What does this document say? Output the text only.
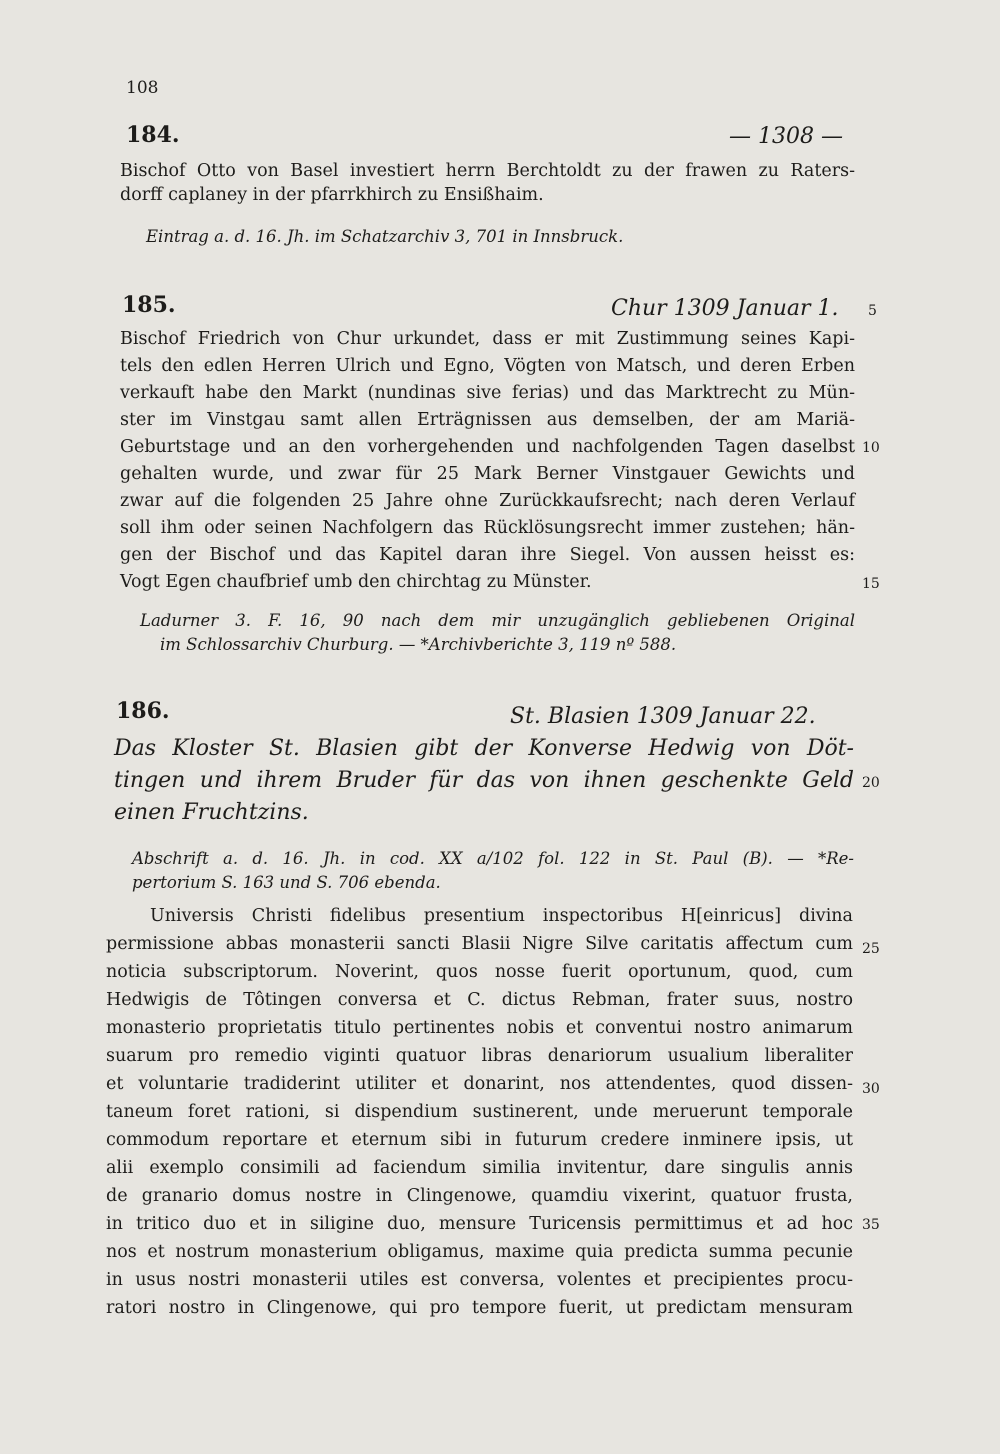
108
184.	— 1308 —
Bischof Otto von Basel investiert herrn Berchtoldt zu der frawen zu Raters-
dorff caplaney in der pfarrkhirch zu Ensißhaim.
Eintrag a. d. 16. Jh. im Schatzarchiv 3, 701 in Innsbruck.
185.	Chur 1309 Januar 1.
Bischof Friedrich von Chur urkundet, dass er mit Zustimmung seines Kapi-
tels den edlen Herren Ulrich und Egno, Vögten von Matsch, und deren Erben
verkauft habe den Markt (nundinas sive ferias) und das Marktrecht zu Mün-
ster im Vinstgau samt allen Erträgnissen aus demselben, der am Mariä-
Geburtstage und an den vorhergehenden und nachfolgenden Tagen daselbst
gehalten wurde, und zwar für 25 Mark Berner Vinstgauer Gewichts und
zwar auf die folgenden 25 Jahre ohne Zurückkaufsrecht; nach deren Verlauf
soll ihm oder seinen Nachfolgern das Rücklösungsrecht immer zustehen; hän-
gen der Bischof und das Kapitel daran ihre Siegel. Von aussen heisst es:
Vogt Egen chaufbrief umb den chirchtag zu Münster.
Ladurner 3. F. 16, 90 nach dem mir unzugänglich gebliebenen Original
im Schlossarchiv Churburg. — *Archivberichte 3, 119 nº 588.
186.	St. Blasien 1309 Januar 22.
Das Kloster St. Blasien gibt der Konverse Hedwig von Döt-
tingen und ihrem Bruder für das von ihnen geschenkte Geld
einen Fruchtzins.
Abschrift a. d. 16. Jh. in cod. XX a/102 fol. 122 in St. Paul (B). — *Re-
pertorium S. 163 und S. 706 ebenda.
Universis Christi fidelibus presentium inspectoribus H[einricus] divina
permissione abbas monasterii sancti Blasii Nigre Silve caritatis affectum cum
noticia subscriptorum. Noverint, quos nosse fuerit oportunum, quod, cum
Hedwigis de Tôtingen conversa et C. dictus Rebman, frater suus, nostro
monasterio proprietatis titulo pertinentes nobis et conventui nostro animarum
suarum pro remedio viginti quatuor libras denariorum usualium liberaliter
et voluntarie tradiderint utiliter et donarint, nos attendentes, quod dissen-
taneum foret rationi, si dispendium sustinerent, unde meruerunt temporale
commodum reportare et eternum sibi in futurum credere inminere ipsis, ut
alii exemplo consimili ad faciendum similia invitentur, dare singulis annis
de granario domus nostre in Clingenowe, quamdiu vixerint, quatuor frusta,
in tritico duo et in siligine duo, mensure Turicensis permittimus et ad hoc
nos et nostrum monasterium obligamus, maxime quia predicta summa pecunie
in usus nostri monasterii utiles est conversa, volentes et precipientes procu-
ratori nostro in Clingenowe, qui pro tempore fuerit, ut predictam mensuram
5
10
15
20
25
30
35
